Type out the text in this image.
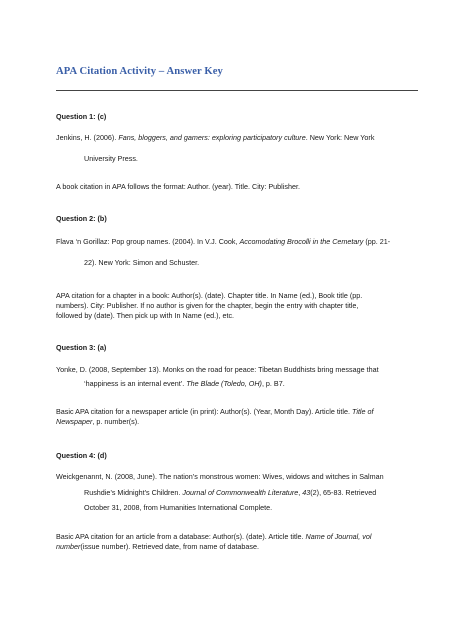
APA Citation Activity – Answer Key
Question 1: (c)
Jenkins, H. (2006). Fans, bloggers, and gamers: exploring participatory culture. New York: New York
University Press.
A book citation in APA follows the format: Author. (year). Title. City: Publisher.
Question 2: (b)
Flava ‘n Gorillaz: Pop group names. (2004). In V.J. Cook, Accomodating Brocolli in the Cemetary (pp. 21-
22). New York: Simon and Schuster.
APA citation for a chapter in a book: Author(s). (date). Chapter title. In Name (ed.), Book title (pp.
numbers). City: Publisher. If no author is given for the chapter, begin the entry with chapter title,
followed by (date). Then pick up with In Name (ed.), etc.
Question 3: (a)
Yonke, D. (2008, September 13). Monks on the road for peace: Tibetan Buddhists bring message that
‘happiness is an internal event’. The Blade (Toledo, OH), p. B7.
Basic APA citation for a newspaper article (in print): Author(s). (Year, Month Day). Article title. Title of
Newspaper, p. number(s).
Question 4: (d)
Weickgenannt, N. (2008, June). The nation’s monstrous women: Wives, widows and witches in Salman
Rushdie’s Midnight’s Children. Journal of Commonwealth Literature, 43(2), 65-83. Retrieved
October 31, 2008, from Humanities International Complete.
Basic APA citation for an article from a database: Author(s). (date). Article title. Name of Journal, vol
number(issue number). Retrieved date, from name of database.
